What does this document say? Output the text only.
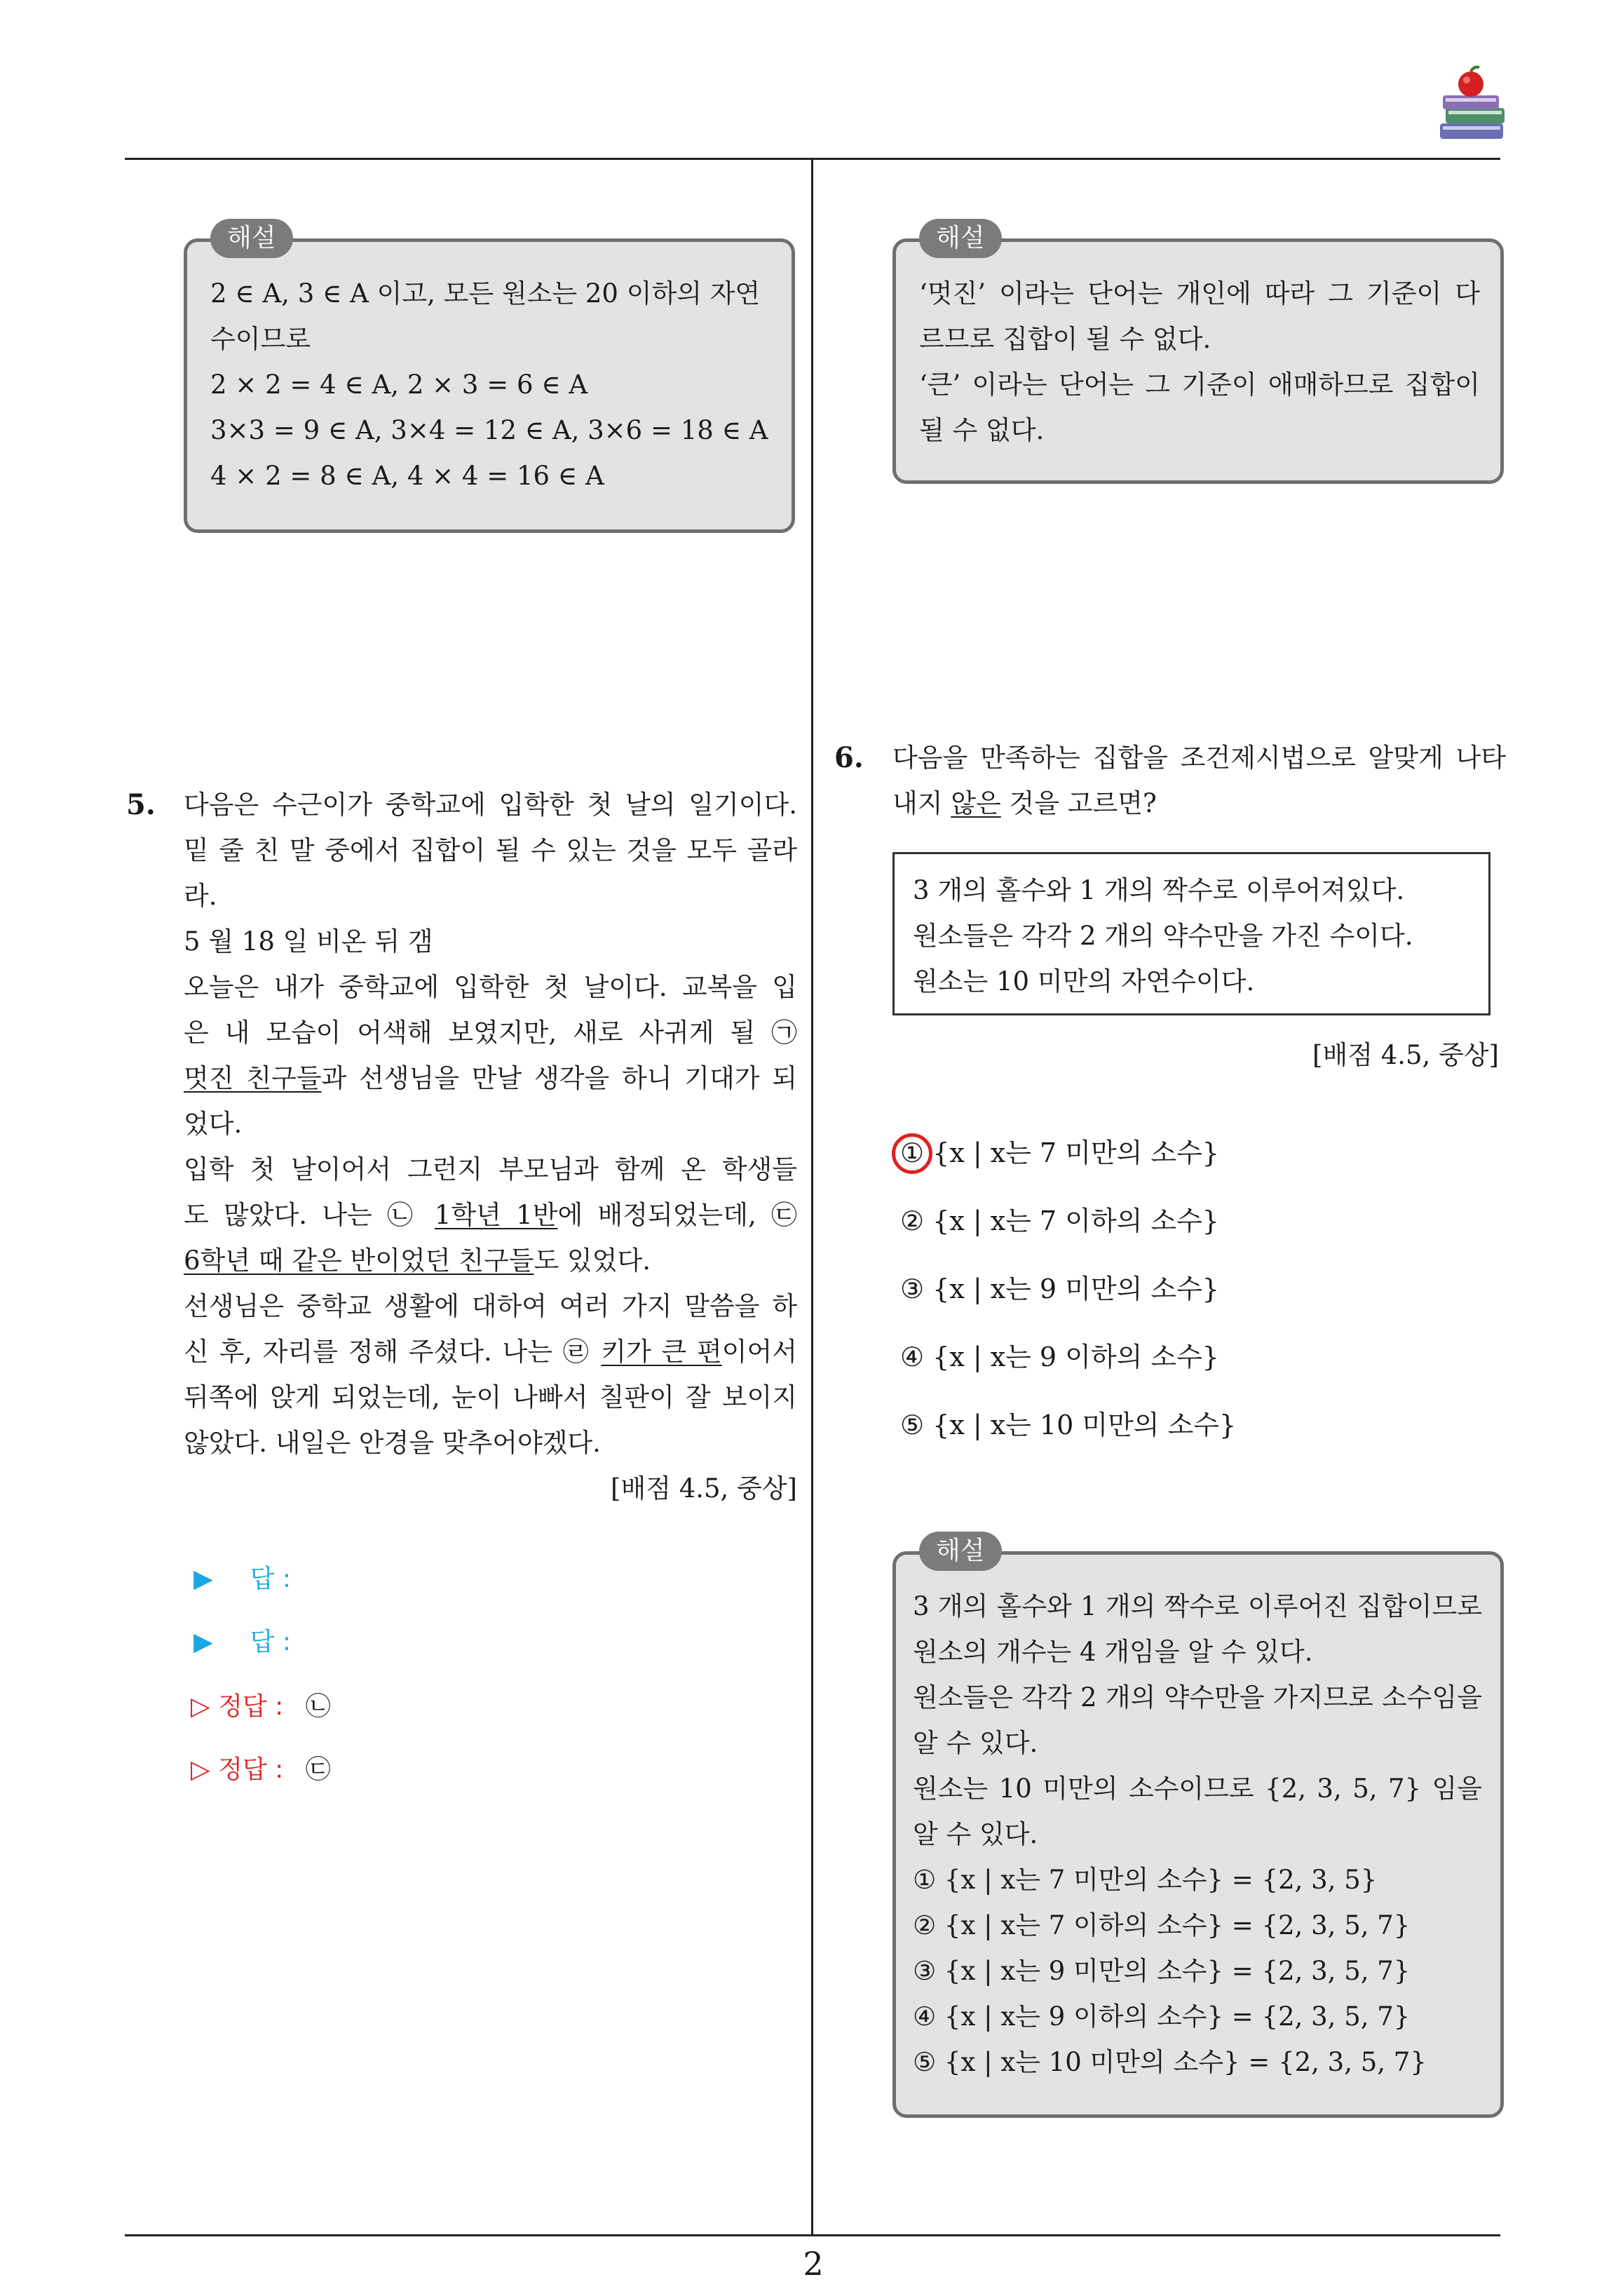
2
해설
2 ∈ A, 3 ∈ A 이고, 모든 원소는 20 이하의 자연
수이므로
2 × 2 = 4 ∈ A, 2 × 3 = 6 ∈ A
3×3 = 9 ∈ A, 3×4 = 12 ∈ A, 3×6 = 18 ∈ A
4 × 2 = 8 ∈ A, 4 × 4 = 16 ∈ A
5. 다음은 수근이가 중학교에 입학한 첫 날의 일기이다.
밑 줄 친 말 중에서 집합이 될 수 있는 것을 모두 골라
라.
5 월 18 일 비온 뒤 갬
오늘은 내가 중학교에 입학한 첫 날이다. 교복을 입
은 내 모습이 어색해 보였지만, 새로 사귀게 될 ㉠
멋진 친구들과 선생님을 만날 생각을 하니 기대가 되
었다.
입학 첫 날이어서 그런지 부모님과 함께 온 학생들
도 많았다. 나는 ㉡ 1학년 1반에 배정되었는데, ㉢
6학년 때 같은 반이었던 친구들도 있었다.
선생님은 중학교 생활에 대하여 여러 가지 말씀을 하
신 후, 자리를 정해 주셨다. 나는 ㉣ 키가 큰 편이어서
뒤쪽에 앉게 되었는데, 눈이 나빠서 칠판이 잘 보이지
않았다. 내일은 안경을 맞추어야겠다.
[배점 4.5, 중상]
▶ 답 :
▶ 답 :
▷ 정답 : ㉡
▷ 정답 : ㉢
해설
‘멋진’ 이라는 단어는 개인에 따라 그 기준이 다
르므로 집합이 될 수 없다.
‘큰’ 이라는 단어는 그 기준이 애매하므로 집합이
될 수 없다.
6. 다음을 만족하는 집합을 조건제시법으로 알맞게 나타
내지 않은 것을 고르면?
3 개의 홀수와 1 개의 짝수로 이루어져있다.
원소들은 각각 2 개의 약수만을 가진 수이다.
원소는 10 미만의 자연수이다.
[배점 4.5, 중상]
① {x | x는 7 미만의 소수}
② {x | x는 7 이하의 소수}
③ {x | x는 9 미만의 소수}
④ {x | x는 9 이하의 소수}
⑤ {x | x는 10 미만의 소수}
해설
3 개의 홀수와 1 개의 짝수로 이루어진 집합이므로
원소의 개수는 4 개임을 알 수 있다.
원소들은 각각 2 개의 약수만을 가지므로 소수임을
알 수 있다.
원소는 10 미만의 소수이므로 {2, 3, 5, 7} 임을
알 수 있다.
① {x | x는 7 미만의 소수} = {2, 3, 5}
② {x | x는 7 이하의 소수} = {2, 3, 5, 7}
③ {x | x는 9 미만의 소수} = {2, 3, 5, 7}
④ {x | x는 9 이하의 소수} = {2, 3, 5, 7}
⑤ {x | x는 10 미만의 소수} = {2, 3, 5, 7}
